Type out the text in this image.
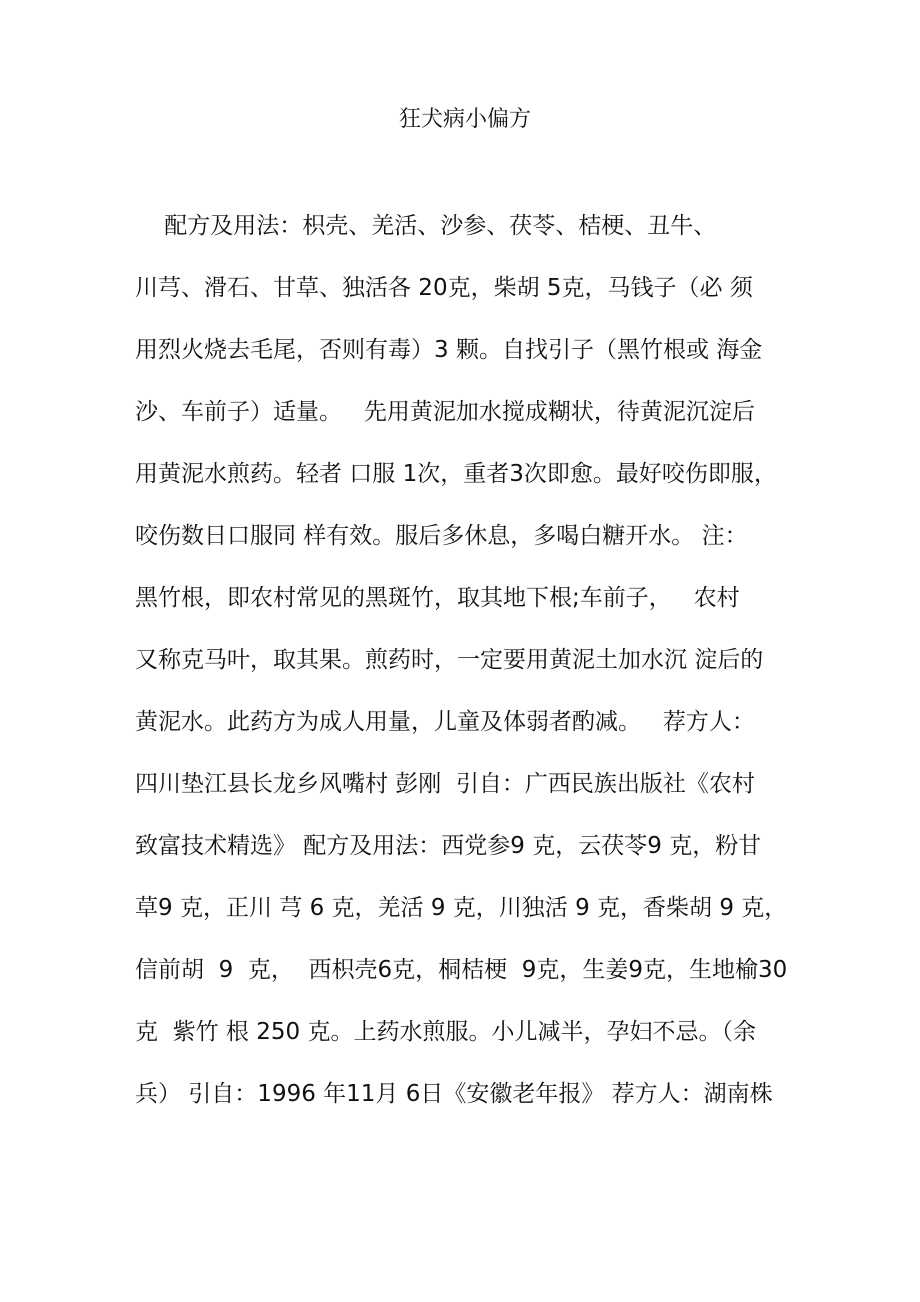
狂犬病小偏方
配方及用法：枳壳、羌活、沙参、茯苓、桔梗、丑牛、
川芎、滑石、甘草、独活各 20克，柴胡 5克，马钱子（必 须
用烈火烧去毛尾，否则有毒）3 颗。自找引子（黑竹根或 海金
沙、车前子）适量。   先用黄泥加水搅成糊状，待黄泥沉淀后
用黄泥水煎药。轻者 口服 1次，重者3次即愈。最好咬伤即服，
咬伤数日口服同 样有效。服后多休息，多喝白糖开水。 注：
黑竹根，即农村常见的黑斑竹，取其地下根;车前子，   农村
又称克马叶，取其果。煎药时，一定要用黄泥土加水沉 淀后的
黄泥水。此药方为成人用量，儿童及体弱者酌减。   荐方人：
四川垫江县长龙乡风嘴村 彭刚  引自：广西民族出版社《农村
致富技术精选》 配方及用法：西党参9 克，云茯苓9 克，粉甘
草9 克，正川 芎 6 克，羌活 9 克，川独活 9 克，香柴胡 9 克，
信前胡  9  克，  西枳壳6克，桐桔梗  9克，生姜9克，生地榆30
克  紫竹 根 250 克。上药水煎服。小儿减半，孕妇不忌。（余
兵） 引自：1996 年11月 6日《安徽老年报》 荐方人：湖南株
